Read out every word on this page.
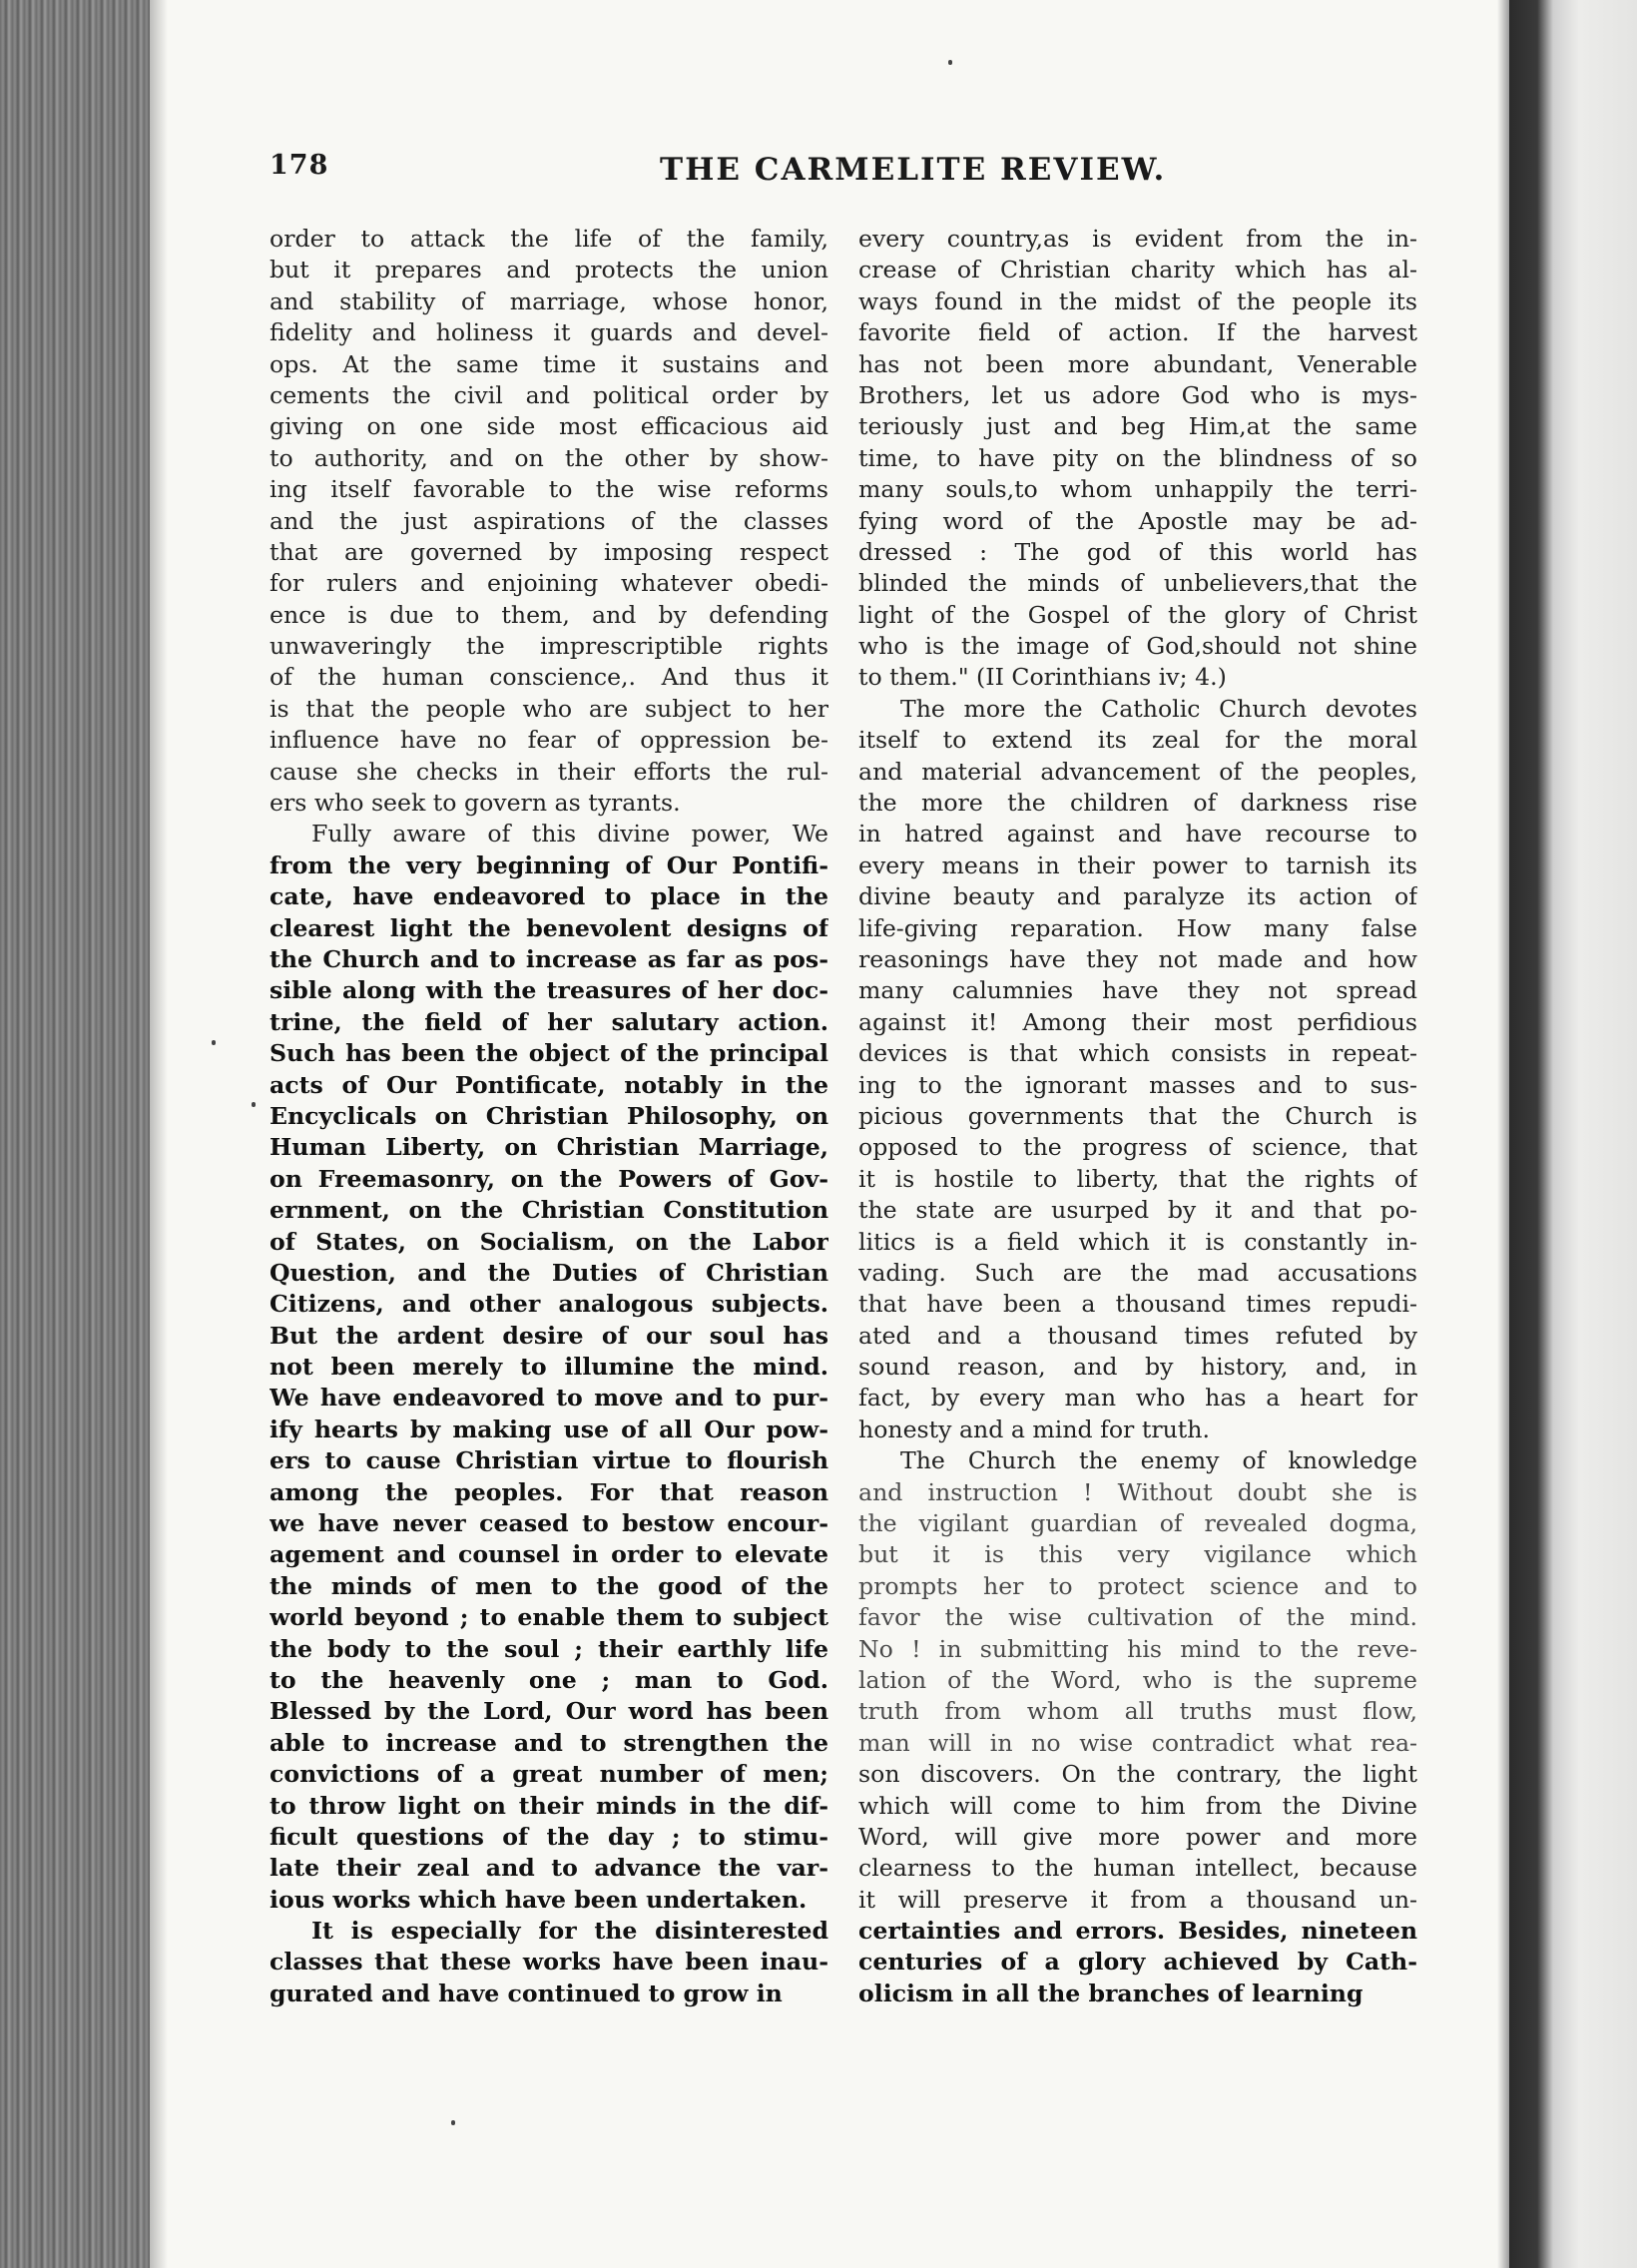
178	THE CARMELITE REVIEW.
order to attack the life of the family,
but it prepares and protects the union
and stability of marriage, whose honor,
fidelity and holiness it guards and devel-
ops. At the same time it sustains and
cements the civil and political order by
giving on one side most efficacious aid
to authority, and on the other by show-
ing itself favorable to the wise reforms
and the just aspirations of the classes
that are governed by imposing respect
for rulers and enjoining whatever obedi-
ence is due to them, and by defending
unwaveringly the imprescriptible rights
of the human conscience,. And thus it
is that the people who are subject to her
influence have no fear of oppression be-
cause she checks in their efforts the rul-
ers who seek to govern as tyrants.
Fully aware of this divine power, We
from the very beginning of Our Pontifi-
cate, have endeavored to place in the
clearest light the benevolent designs of
the Church and to increase as far as pos-
sible along with the treasures of her doc-
trine, the field of her salutary action.
Such has been the object of the principal
acts of Our Pontificate, notably in the
Encyclicals on Christian Philosophy, on
Human Liberty, on Christian Marriage,
on Freemasonry, on the Powers of Gov-
ernment, on the Christian Constitution
of States, on Socialism, on the Labor
Question, and the Duties of Christian
Citizens, and other analogous subjects.
But the ardent desire of our soul has
not been merely to illumine the mind.
We have endeavored to move and to pur-
ify hearts by making use of all Our pow-
ers to cause Christian virtue to flourish
among the peoples. For that reason
we have never ceased to bestow encour-
agement and counsel in order to elevate
the minds of men to the good of the
world beyond ; to enable them to subject
the body to the soul ; their earthly life
to the heavenly one ; man to God.
Blessed by the Lord, Our word has been
able to increase and to strengthen the
convictions of a great number of men;
to throw light on their minds in the dif-
ficult questions of the day ; to stimu-
late their zeal and to advance the var-
ious works which have been undertaken.
It is especially for the disinterested
classes that these works have been inau-
gurated and have continued to grow in
every country,as is evident from the in-
crease of Christian charity which has al-
ways found in the midst of the people its
favorite field of action. If the harvest
has not been more abundant, Venerable
Brothers, let us adore God who is mys-
teriously just and beg Him,at the same
time, to have pity on the blindness of so
many souls,to whom unhappily the terri-
fying word of the Apostle may be ad-
dressed : The god of this world has
blinded the minds of unbelievers,that the
light of the Gospel of the glory of Christ
who is the image of God,should not shine
to them." (II Corinthians iv; 4.)
The more the Catholic Church devotes
itself to extend its zeal for the moral
and material advancement of the peoples,
the more the children of darkness rise
in hatred against and have recourse to
every means in their power to tarnish its
divine beauty and paralyze its action of
life-giving reparation. How many false
reasonings have they not made and how
many calumnies have they not spread
against it! Among their most perfidious
devices is that which consists in repeat-
ing to the ignorant masses and to sus-
picious governments that the Church is
opposed to the progress of science, that
it is hostile to liberty, that the rights of
the state are usurped by it and that po-
litics is a field which it is constantly in-
vading. Such are the mad accusations
that have been a thousand times repudi-
ated and a thousand times refuted by
sound reason, and by history, and, in
fact, by every man who has a heart for
honesty and a mind for truth.
The Church the enemy of knowledge
and instruction ! Without doubt she is
the vigilant guardian of revealed dogma,
but it is this very vigilance which
prompts her to protect science and to
favor the wise cultivation of the mind.
No ! in submitting his mind to the reve-
lation of the Word, who is the supreme
truth from whom all truths must flow,
man will in no wise contradict what rea-
son discovers. On the contrary, the light
which will come to him from the Divine
Word, will give more power and more
clearness to the human intellect, because
it will preserve it from a thousand un-
certainties and errors. Besides, nineteen
centuries of a glory achieved by Cath-
olicism in all the branches of learning
